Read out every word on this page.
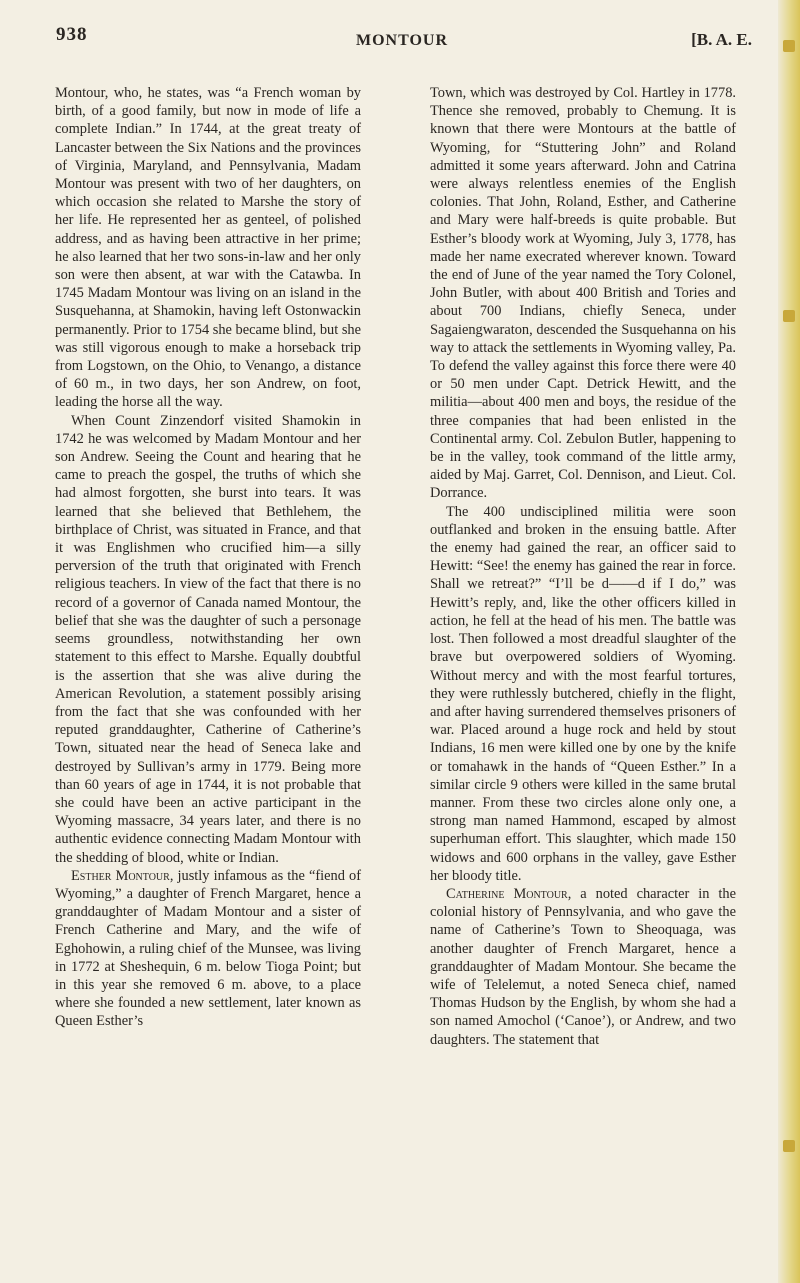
938	MONTOUR	[B. A. E.

Montour, who, he states, was “a French woman by birth, of a good family, but now in mode of life a complete Indian.” In 1744, at the great treaty of Lancaster between the Six Nations and the provinces of Virginia, Maryland, and Pennsylvania, Madam Montour was present with two of her daughters, on which occasion she related to Marshe the story of her life. He represented her as genteel, of polished address, and as having been attractive in her prime; he also learned that her two sons-in-law and her only son were then absent, at war with the Catawba. In 1745 Madam Montour was living on an island in the Susquehanna, at Shamokin, having left Ostonwackin permanently. Prior to 1754 she became blind, but she was still vigorous enough to make a horseback trip from Logstown, on the Ohio, to Venango, a distance of 60 m., in two days, her son Andrew, on foot, leading the horse all the way.

When Count Zinzendorf visited Shamokin in 1742 he was welcomed by Madam Montour and her son Andrew. Seeing the Count and hearing that he came to preach the gospel, the truths of which she had almost forgotten, she burst into tears. It was learned that she believed that Bethlehem, the birthplace of Christ, was situated in France, and that it was Englishmen who crucified him—a silly perversion of the truth that originated with French religious teachers. In view of the fact that there is no record of a governor of Canada named Montour, the belief that she was the daughter of such a personage seems groundless, notwithstanding her own statement to this effect to Marshe. Equally doubtful is the assertion that she was alive during the American Revolution, a statement possibly arising from the fact that she was confounded with her reputed granddaughter, Catherine of Catherine’s Town, situated near the head of Seneca lake and destroyed by Sullivan’s army in 1779. Being more than 60 years of age in 1744, it is not probable that she could have been an active participant in the Wyoming massacre, 34 years later, and there is no authentic evidence connecting Madam Montour with the shedding of blood, white or Indian.

Esther Montour, justly infamous as the “fiend of Wyoming,” a daughter of French Margaret, hence a granddaughter of Madam Montour and a sister of French Catherine and Mary, and the wife of Eghohowin, a ruling chief of the Munsee, was living in 1772 at Sheshequin, 6 m. below Tioga Point; but in this year she removed 6 m. above, to a place where she founded a new settlement, later known as Queen Esther’s

Town, which was destroyed by Col. Hartley in 1778. Thence she removed, probably to Chemung. It is known that there were Montours at the battle of Wyoming, for “Stuttering John” and Roland admitted it some years afterward. John and Catrina were always relentless enemies of the English colonies. That John, Roland, Esther, and Catherine and Mary were half-breeds is quite probable. But Esther’s bloody work at Wyoming, July 3, 1778, has made her name execrated wherever known. Toward the end of June of the year named the Tory Colonel, John Butler, with about 400 British and Tories and about 700 Indians, chiefly Seneca, under Sagaiengwaraton, descended the Susquehanna on his way to attack the settlements in Wyoming valley, Pa. To defend the valley against this force there were 40 or 50 men under Capt. Detrick Hewitt, and the militia—about 400 men and boys, the residue of the three companies that had been enlisted in the Continental army. Col. Zebulon Butler, happening to be in the valley, took command of the little army, aided by Maj. Garret, Col. Dennison, and Lieut. Col. Dorrance.

The 400 undisciplined militia were soon outflanked and broken in the ensuing battle. After the enemy had gained the rear, an officer said to Hewitt: “See! the enemy has gained the rear in force. Shall we retreat?” “I’ll be d——d if I do,” was Hewitt’s reply, and, like the other officers killed in action, he fell at the head of his men. The battle was lost. Then followed a most dreadful slaughter of the brave but overpowered soldiers of Wyoming. Without mercy and with the most fearful tortures, they were ruthlessly butchered, chiefly in the flight, and after having surrendered themselves prisoners of war. Placed around a huge rock and held by stout Indians, 16 men were killed one by one by the knife or tomahawk in the hands of “Queen Esther.” In a similar circle 9 others were killed in the same brutal manner. From these two circles alone only one, a strong man named Hammond, escaped by almost superhuman effort. This slaughter, which made 150 widows and 600 orphans in the valley, gave Esther her bloody title.

Catherine Montour, a noted character in the colonial history of Pennsylvania, and who gave the name of Catherine’s Town to Sheoquaga, was another daughter of French Margaret, hence a granddaughter of Madam Montour. She became the wife of Telelemut, a noted Seneca chief, named Thomas Hudson by the English, by whom she had a son named Amochol (‘Canoe’), or Andrew, and two daughters. The statement that
